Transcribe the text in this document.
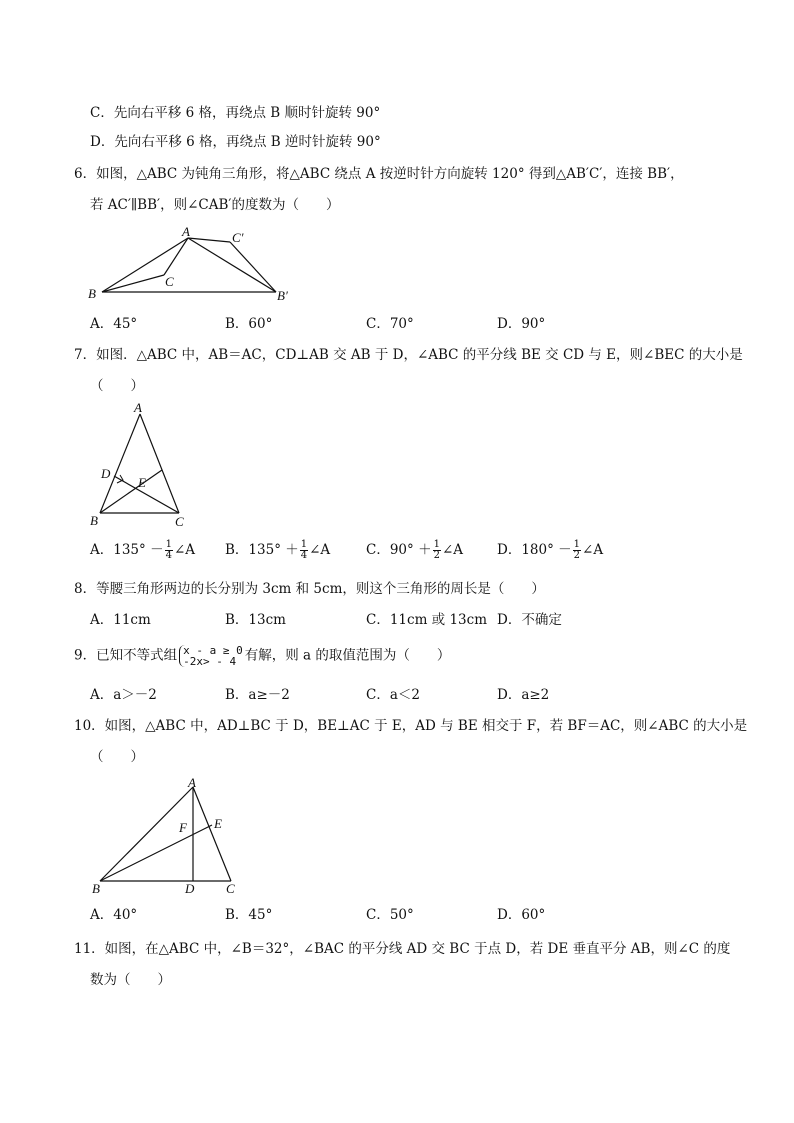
C．先向右平移 6 格，再绕点 B 顺时针旋转 90°
D．先向右平移 6 格，再绕点 B 逆时针旋转 90°
6．如图，△ABC 为钝角三角形，将△ABC 绕点 A 按逆时针方向旋转 120° 得到△AB′C′，连接 BB′，
若 AC′∥BB′，则∠CAB′的度数为（　　）
A
B
C
C′
B′
A．45°	B．60°	C．70°	D．90°
7．如图．△ABC 中，AB＝AC，CD⊥AB 交 AB 于 D，∠ABC 的平分线 BE 交 CD 与 E，则∠BEC 的大小是
（　　）
A
D
E
B	C
A．$135^\circ - \frac{1}{4}$ ∠A B．$135^\circ + \frac{1}{4}$ ∠A	C．$90^\circ + \frac{1}{2}$ ∠A	D．$180^\circ - \frac{1}{2}$ ∠A
8．等腰三角形两边的长分别为 3cm 和 5cm，则这个三角形的周长是（　　）
A．11cm	B．13cm	C．11cm 或 13cm D．不确定
9．已知不等式组 x - a ≥ 0
-2x> - 4 有解，则 a 的取值范围为（　　）
A．a＞－2	B．a≥－2	C．a＜2	D．a≥2
10．如图，△ABC 中，AD⊥BC 于 D，BE⊥AC 于 E，AD 与 BE 相交于 F，若 BF＝AC，则∠ABC 的大小是
（　　）
A
F E
B	D C
A．40°	B．45°	C．50°	D．60°
11．如图，在△ABC 中，∠B＝32°，∠BAC 的平分线 AD 交 BC 于点 D，若 DE 垂直平分 AB，则∠C 的度
数为（　　）
